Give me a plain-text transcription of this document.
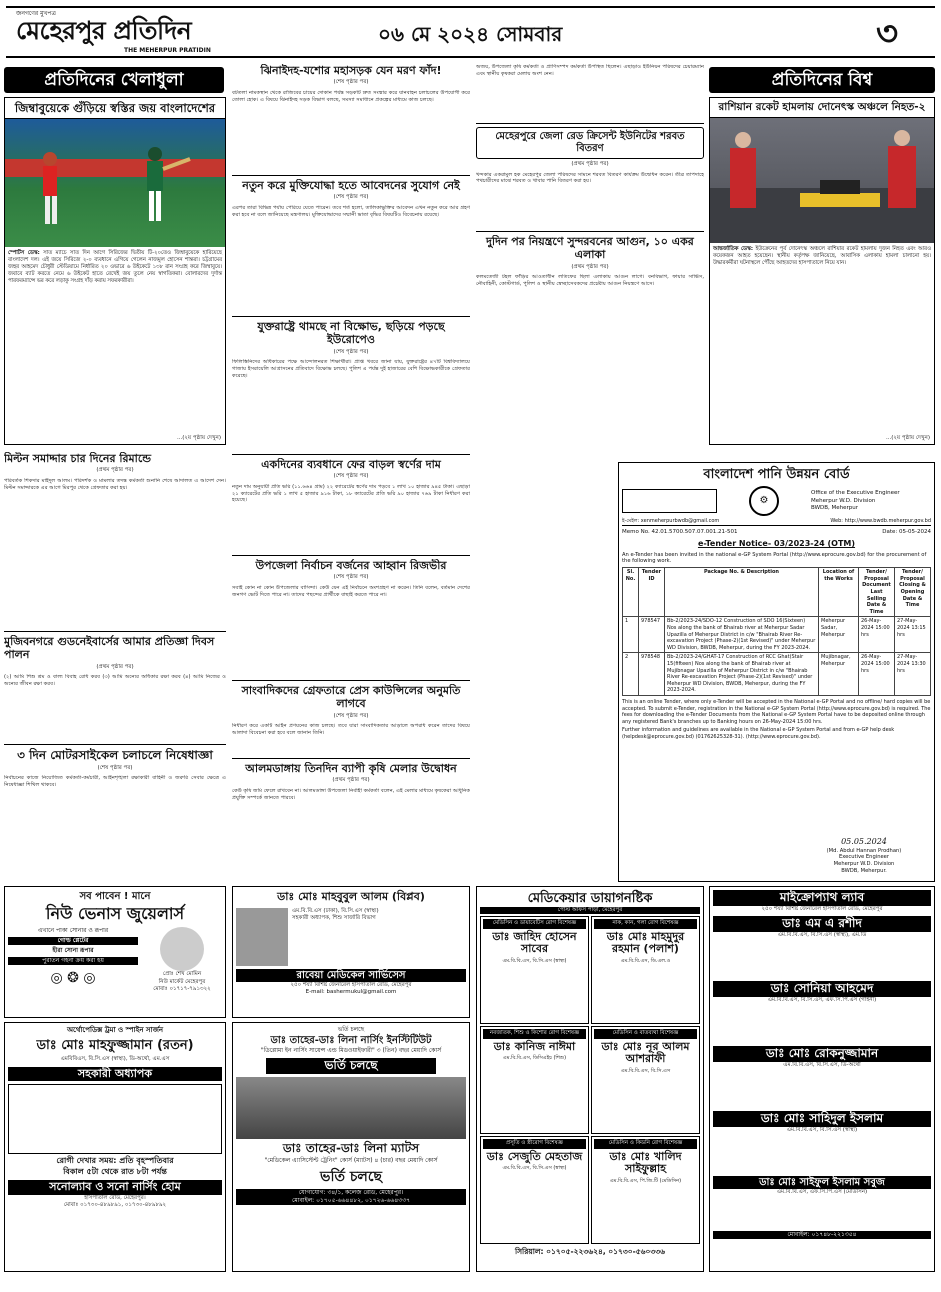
জনগণের মুখপত্র
মেহেরপুর প্রতিদিন
THE MEHERPUR PRATIDIN
০৬ মে ২০২৪ সোমবার	৩
প্রতিদিনের খেলাধুলা
জিম্বাবুয়েকে গুঁড়িয়ে স্বস্তির জয় বাংলাদেশের
স্পোর্টস ডেস্ক: সাত ম্যাচে সাত দিন আগে সিরিজের দ্বিতীয় টি-২০তেও জিম্বাবুয়েকে হারিয়েছে বাংলাদেশ দল। এই জয়ে সিরিজে ২-০ ব্যবধানে এগিয়ে গেলেন নাজমুল হোসেন শান্তরা। চট্টগ্রামের জহুর আহমেদ চৌধুরী স্টেডিয়ামে নির্ধারিত ২০ ওভারে ৬ উইকেটে ১৩৮ রান সংগ্রহ করে জিম্বাবুয়ে। জবাবে ব্যাট করতে নেমে ৬ উইকেট হাতে রেখেই জয় তুলে নেয় স্বাগতিকরা। বোলারদের দুর্দান্ত পারফরম্যান্সে ভর করে লড়াকু সংগ্রহ দাঁড় করায় সফরকারীরা।
...(২য় পৃষ্ঠায় দেখুন)
ঝিনাইদহ-যশোর মহাসড়ক যেন মরণ ফাঁদ!
(শেষ পৃষ্ঠার পর)
বটতলা নামকস্থান থেকে রাজিবের চায়ের দোকান পর্যন্ত সড়কটি দ্রুত সংস্কার করে যানবাহন চলাচলের উপযোগী করে তোলা হোক। এ বিষয়ে ঝিনাইদহ সড়ক বিভাগ বলছে, সমস্যা সমাধানে প্রকল্পের মাধ্যমে কাজ চলছে।
নতুন করে মুক্তিযোদ্ধা হতে আবেদনের সুযোগ নেই
(শেষ পৃষ্ঠার পর)
এরপর তারা বিভিন্ন পর্যায় পেরিয়ে যেতে পারেন। তবে শর্ত হলো, তালিকাভুক্তির আবেদন এখন নতুন করে আর গ্রহণ করা হবে না বলে জানিয়েছে মন্ত্রণালয়। মুক্তিযোদ্ধাদের সম্মানী ভাতা বৃদ্ধির বিষয়টিও বিবেচনায় রয়েছে।
যুক্তরাষ্ট্রে থামছে না বিক্ষোভ, ছড়িয়ে পড়ছে ইউরোপেও
(শেষ পৃষ্ঠার পর)
ফিলিস্তিনিদের অধিকারের পক্ষে আন্দোলনরত শিক্ষার্থীরা। প্রাপ্ত খবরে জানা যায়, যুক্তরাষ্ট্রের ৪৭টি বিশ্ববিদ্যালয়ে গাজায় ইসরায়েলি আগ্রাসনের প্রতিবাদে বিক্ষোভ চলছে। পুলিশ এ পর্যন্ত দুই হাজারের বেশি বিক্ষোভকারীকে গ্রেফতার করেছে।
একদিনের ব্যবধানে ফের বাড়ল স্বর্ণের দাম
(শেষ পৃষ্ঠার পর)
নতুন দাম অনুযায়ী প্রতি ভরি (১১.৬৬৪ গ্রাম) ২২ ক্যারেটের স্বর্ণের দাম পড়বে ১ লাখ ১০ হাজার ৯৪৫ টাকা। এছাড়া ২১ ক্যারেটের প্রতি ভরি ১ লাখ ৫ হাজার ৯১৬ টাকা, ১৮ ক্যারেটের প্রতি ভরি ৯০ হাজার ৭৬৯ টাকা নির্ধারণ করা হয়েছে।
উপজেলা নির্বাচন বর্জনের আহ্বান রিজভীর
(শেষ পৃষ্ঠার পর)
সবাই কোন না কোন উপজেলার বাসিন্দা। কেউ যেন এই নির্বাচনে অংশগ্রহণ না করেন। তিনি বলেন, বর্তমান দেশের জনগণ ভোট দিতে পারে না। তাদের পছন্দের প্রার্থীকে বাছাই করতে পারে না।
সাংবাদিকদের গ্রেফতারে প্রেস কাউন্সিলের অনুমতি লাগবে
(শেষ পৃষ্ঠার পর)
নির্ধারণ করে একটি আইন প্রণয়নের কাজ চলছে। তবে যারা সাংবাদিকতার আড়ালে অপরাধ করেন তাদের বিষয়ে আলাদা বিবেচনা করা হবে বলে জানান তিনি।
আলমডাঙ্গায় তিনদিন ব্যাপী কৃষি মেলার উদ্বোধন
(প্রথম পৃষ্ঠার পর)
কেউ কৃষি জমি ফেলে রাখবেন না। আলমডাঙ্গা উপজেলা নির্বাহী কর্মকর্তা বলেন, এই মেলার মাধ্যমে কৃষকেরা আধুনিক প্রযুক্তি সম্পর্কে জানতে পারবে।
মিল্টন সমাদ্দার চার দিনের রিমান্ডে
(প্রথম পৃষ্ঠার পর)
পরিবর্তক শিকদার মাইদুল আলম। পরিদর্শক ও মামলার তদন্ত কর্মকর্তা শুনানি শেষে আদালত এ আদেশ দেন। মিল্টন সমাদ্দারকে এর আগে মিরপুর থেকে গ্রেফতার করা হয়।
মুজিবনগরে গুডনেইবার্সের আমার প্রতিজ্ঞা দিবস পালন
(প্রথম পৃষ্ঠার পর)
(২) আমি শিশু শ্রম ও বাল্য বিবাহ রোধ করব (৩) আমি অন্যের অধিকার রক্ষা করব (৪) আমি নিজের ও অন্যের জীবন রক্ষা করব।
৩ দিন মোটরসাইকেল চলাচলে নিষেধাজ্ঞা
(শেষ পৃষ্ঠার পর)
নির্বাচনের কাজে নিয়োজিত কর্মকর্তা-কর্মচারী, আইনশৃঙ্খলা রক্ষাকারী বাহিনী ও জরুরি সেবার ক্ষেত্রে এ নিষেধাজ্ঞা শিথিল থাকবে।
অজয়, উপজেলা কৃষি কর্মকর্তা ও প্রাণিসম্পদ কর্মকর্তা উপস্থিত ছিলেন। এছাড়াও ইউনিয়ন পরিষদের চেয়ারম্যান এবং স্থানীয় কৃষকরা মেলায় অংশ নেন।
মেহেরপুরে জেলা রেড ক্রিসেন্ট ইউনিটের শরবত বিতরণ
(প্রথম পৃষ্ঠার পর)
খন্দকার একরামুল হক মেহেরপুর জেলা পরিষদের সামনে শরবত বিতরণ কার্যক্রম উদ্বোধন করেন। তীব্র তাপদাহে পথচারীদের মাঝে শরবত ও খাবার পানি বিতরণ করা হয়।
দুদিন পর নিয়ন্ত্রণে সুন্দরবনের আগুন, ১০ একর এলাকা
(প্রথম পৃষ্ঠার পর)
কলমতেজী টহল ফাঁড়ির আওতাধীন লতিফের ছিলা এলাকায় আগুন লাগে। বনবিভাগ, ফায়ার সার্ভিস, নৌবাহিনী, কোস্টগার্ড, পুলিশ ও স্থানীয় স্বেচ্ছাসেবকদের প্রচেষ্টায় আগুন নিয়ন্ত্রণে আসে।
প্রতিদিনের বিশ্ব
রাশিয়ান রকেট হামলায় দোনেৎস্ক অঞ্চলে নিহত-২
আন্তর্জাতিক ডেস্ক: ইউক্রেনের পূর্ব দোনেৎস্ক অঞ্চলে রাশিয়ার রকেট হামলায় দুজন নিহত এবং আরও কয়েকজন আহত হয়েছেন। স্থানীয় কর্তৃপক্ষ জানিয়েছে, আবাসিক এলাকায় হামলা চালানো হয়। উদ্ধারকর্মীরা ঘটনাস্থলে পৌঁছে আহতদের হাসপাতালে নিয়ে যান।
...(২য় পৃষ্ঠায় দেখুন)
বাংলাদেশ পানি উন্নয়ন বোর্ড
⚙
Office of the Executive Engineer
Meherpur W.D. Division
BWDB, Meherpur
ই-মেইল: xenmeherpurbwdb@gmail.com	Web: http://www.bwdb.meherpur.gov.bd
Memo No. 42.01.5700.507.07.001.21-501	Date: 05-05-2024
e-Tender Notice- 03/2023-24 (OTM)
An e-Tender has been invited in the national e-GP System Portal (http://www.eprocure.gov.bd) for the procurement of the following work.
Sl. No.	Tender ID	Package No. & Description	Location of the Works	Tender/ Proposal Document Last Selling Date & Time	Tender/ Proposal Closing & Opening Date & Time
1	978547	Bb-2/2023-24/SDO-12 Construction of SDO 16(Sixteen) Nos along the bank of Bhairab river at Meherpur Sadar Upazilla of Meherpur District in c/w "Bhairab River Re-excavation Project (Phase-2)(1st Revised)" under Meherpur WD Division, BWDB, Meherpur, during the FY 2023-2024.	Meherpur Sadar, Meherpur	26-May-2024 15:00 hrs	27-May-2024 13:15 hrs
2	978548	Bb-2/2023-24/GHAT-17 Construction of RCC Ghat(Stair 15(fifteen) Nos along the bank of Bhairab river at Mujibnagar Upazilla of Meherpur District in c/w "Bhairab River Re-excavation Project (Phase-2)(1st Revised)" under Meherpur WD Division, BWDB, Meherpur, during the FY 2023-2024.	Mujibnagar, Meherpur	26-May-2024 15:00 hrs	27-May-2024 13:30 hrs
This is an online Tender, where only e-Tender will be accepted in the National e-GP Portal and no offline/ hard copies will be accepted. To submit e-Tender, registration in the National e-GP System Portal (http://www.eprocure.gov.bd) is required. The fees for downloading the e-Tender Documents from the National e-GP System Portal have to be deposited online through any registered Bank's branches up to Banking hours on 26-May-2024 15:00 hrs.
Further information and guidelines are available in the National e-GP System Portal and from e-GP help desk (helpdesk@eprocure.gov.bd) (01762625328-31). (http://www.eprocure.gov.bd).
05.05.2024
(Md. Abdul Hannan Prodhan)
Executive Engineer
Meherpur W.D. Division
BWDB, Meherpur.
সব পাবেন ! মানে
নিউ ভেনাস জুয়েলার্স
এখানে পাকা সোনার ও রূপার
গোল্ড প্লেটের
হীরা সোনা রূপার
পুরাতন গহনা ক্রয় করা হয়
◎ ❂ ◎	প্রোঃ শেখ মোমিন
নিউ মার্কেট মেহেরপুর
মোবাঃ ০১৭১৭-৭৯১৩২২
অর্থোপেডিক্স ট্রমা ও স্পাইন সার্জন
ডাঃ মোঃ মাহফুজ্জামান (রতন)
এমবিবিএস, বি.সি.এস (স্বাস্থ্য), ডি-অর্থো, এম.এস
সহকারী অধ্যাপক
রোগী দেখার সময়: প্রতি বৃহস্পতিবার
বিকাল ৫টা থেকে রাত ৮টা পর্যন্ত
সনোল্যাব ও সনো নার্সিং হোম
হাসপাতাল রোড, মেহেরপুর।
মোবাঃ ০১৭৩০-৪৮৯৮৯১, ০১৭৩০-৪৮৯৮৯২
ডাঃ মোঃ মাহবুবুল আলম (বিপ্লব)
এম.বি.বি.এস (ঢাকা), বি.সি.এস (স্বাস্থ্য)
সহকারী অধ্যাপক, শিশু সার্জারি বিভাগ
রাবেয়া মেডিকেল সার্ভিসেস
২৫০ শয্যা বিশিষ্ট জেনারেল হাসপাতাল রোড, মেহেরপুর
E-mail: bashermukul@gmail.com
ভর্তি চলছে
ডাঃ তাহের-ডাঃ লিনা নার্সিং ইনস্টিটিউট
"ডিপ্লোমা ইন নার্সিং সায়েন্স এন্ড মিডওয়াইফারী" ৩ (তিন) বছর মেয়াদি কোর্স
ভর্তি চলছে
ডাঃ তাহের-ডাঃ লিনা ম্যাটস
"মেডিকেল এ্যাসিস্টেন্ট ট্রেনিং" কোর্স (ম্যাটস) ৪ (চার) বছর মেয়াদি কোর্স
ভর্তি চলছে
যোগাযোগ: ৩৪/১, কলেজ রোড, মেহেরপুর।
মোবাইল: ০১৭০৫-৬৬৪৪৮২, ০১৭২৬-৬৬৪৩৩৭
মেডিকেয়ার ডায়াগনষ্টিক
পোস্ট অফিস পাড়া, মেহেরপুর
মেডিসিন ও ডায়াবেটিস রোগ বিশেষজ্ঞ
ডাঃ জাহিদ হোসেন সাবের
এম.বি.বি.এস, বি.সি.এস (স্বাস্থ্য)
নাক, কান, গলা রোগ বিশেষজ্ঞ
ডাঃ মোঃ মাহমুদুর রহমান (পলাশ)
এম.বি.বি.এস, ডি.এল.ও
নবজাতক, শিশু ও কিশোর রোগ বিশেষজ্ঞ
ডাঃ কানিজ নাঈমা
এম.বি.বি.এস, ডিসিএইচ (শিশু)
মেডিসিন ও বাতব্যথা বিশেষজ্ঞ
ডাঃ মোঃ নূর আলম আশরাফী
এম.বি.বি.এস, বি.সি.এস
প্রসূতি ও স্ত্রীরোগ বিশেষজ্ঞ
ডাঃ সেজুতি মেহতাজ
এম.বি.বি.এস, বি.সি.এস (স্বাস্থ্য)
মেডিসিন ও কিডনি রোগ বিশেষজ্ঞ
ডাঃ মোঃ খালিদ সাইফুল্লাহ
এম.বি.বি.এস, পি.জি.টি (মেডিসিন)
সিরিয়াল: ০১৭০৫-২২৩৬২৪, ০১৭৩০-৫৬০৩৩৬
মাইক্রোপ্যাথ ল্যাব
২৫০ শয্যা বিশিষ্ট জেনারেল হাসপাতাল রোড, মেহেরপুর
ডাঃ এম এ রশীদ
এম.বি.বি.এস, বি.সি.এস (স্বাস্থ্য), এম.ডি
ডাঃ সোনিয়া আহমেদ
এম.বি.বি.এস, বি.সি.এস, এফ.সি.পি.এস (গাইনী)
ডাঃ মোঃ রোকনুজ্জামান
এম.বি.বি.এস, বি.সি.এস, ডি-অর্থো
ডাঃ মোঃ সাহিদুল ইসলাম
এম.বি.বি.এস, বি.সি.এস (স্বাস্থ্য)
ডাঃ মোঃ সাইফুল ইসলাম সবুজ
এম.বি.বি.এস, এফ.সি.পি.এস (মেডিসিন)
মোবাইল: ০১৭৪৮-২২১৩৫৪
